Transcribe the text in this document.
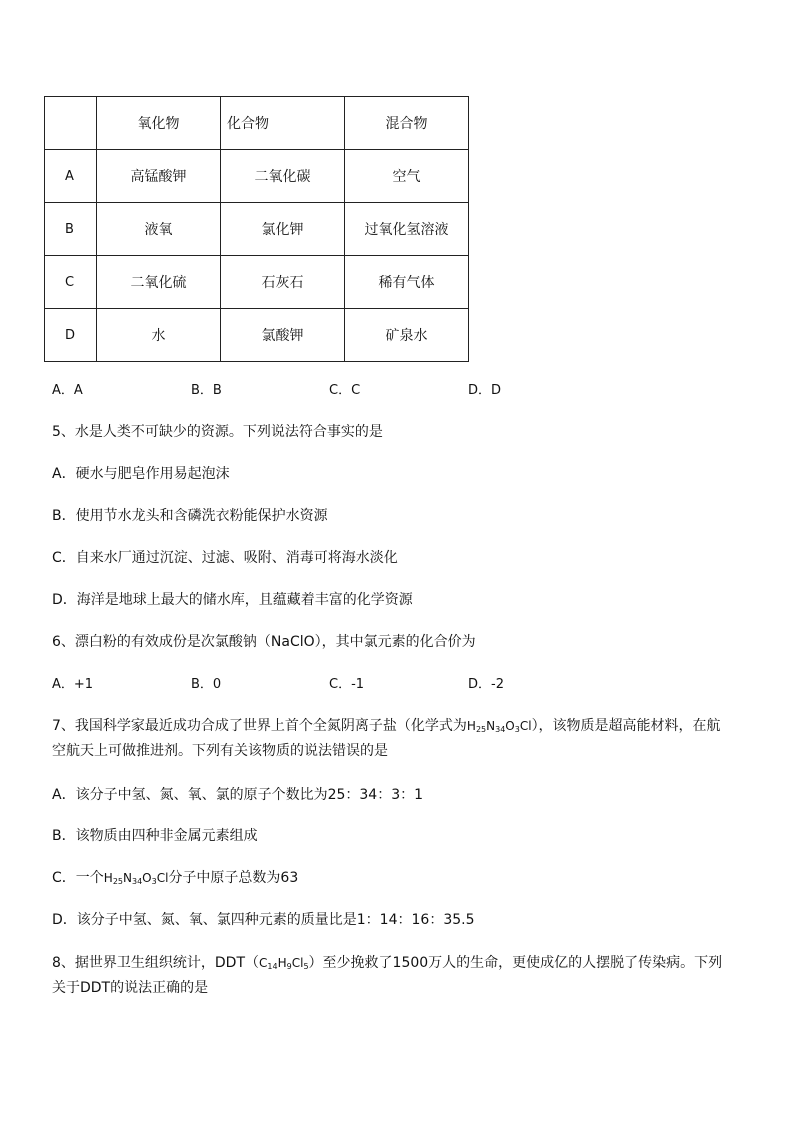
	氧化物	化合物	混合物
A	高锰酸钾	二氧化碳	空气
B	液氧	氯化钾	过氧化氢溶液
C	二氧化硫	石灰石	稀有气体
D	水	氯酸钾	矿泉水
A．A	B．B	C．C	D．D
5、水是人类不可缺少的资源。下列说法符合事实的是
A．硬水与肥皂作用易起泡沫
B．使用节水龙头和含磷洗衣粉能保护水资源
C．自来水厂通过沉淀、过滤、吸附、消毒可将海水淡化
D．海洋是地球上最大的储水库，且蕴藏着丰富的化学资源
6、漂白粉的有效成份是次氯酸钠（NaClO），其中氯元素的化合价为
A．+1	B．0	C．-1	D．-2
7、我国科学家最近成功合成了世界上首个全氮阴离子盐（化学式为$H_{25}N_{34}O_3Cl$），该物质是超高能材料，在航
空航天上可做推进剂。下列有关该物质的说法错误的是
A．该分子中氢、氮、氧、氯的原子个数比为25：34：3：1
B．该物质由四种非金属元素组成
C．一个$H_{25}N_{34}O_3Cl$分子中原子总数为63
D．该分子中氢、氮、氧、氯四种元素的质量比是1：14：16：35.5
8、据世界卫生组织统计，$DDT(C_{14}H_9Cl_5)$至少挽救了1500万人的生命，更使成亿的人摆脱了传染病。下列
关于DDT的说法正确的是
